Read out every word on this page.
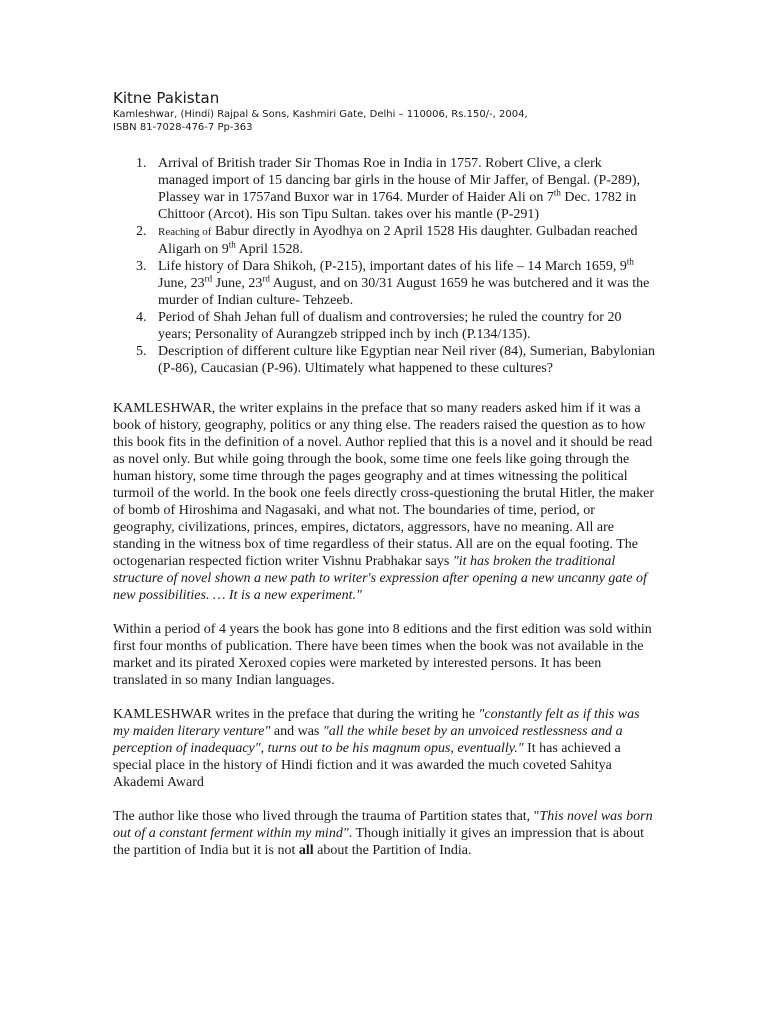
Kitne Pakistan

Kamleshwar, (Hindi) Rajpal & Sons, Kashmiri Gate, Delhi – 110006, Rs.150/-, 2004,

ISBN 81-7028-476-7 Pp-363

1. Arrival of British trader Sir Thomas Roe in India in 1757. Robert Clive, a clerk managed import of 15 dancing bar girls in the house of Mir Jaffer, of Bengal. (P-289), Plassey war in 1757and Buxor war in 1764. Murder of Haider Ali on 7th Dec. 1782 in Chittoor (Arcot). His son Tipu Sultan. takes over his mantle (P-291)
2. Reaching of Babur directly in Ayodhya on 2 April 1528 His daughter. Gulbadan reached Aligarh on 9th April 1528.
3. Life history of Dara Shikoh, (P-215), important dates of his life – 14 March 1659, 9th June, 23rd June, 23rd August, and on 30/31 August 1659 he was butchered and it was the murder of Indian culture- Tehzeeb.
4. Period of Shah Jehan full of dualism and controversies; he ruled the country for 20 years; Personality of Aurangzeb stripped inch by inch (P.134/135).
5. Description of different culture like Egyptian near Neil river (84), Sumerian, Babylonian (P-86), Caucasian (P-96). Ultimately what happened to these cultures?

KAMLESHWAR, the writer explains in the preface that so many readers asked him if it was a book of history, geography, politics or any thing else. The readers raised the question as to how this book fits in the definition of a novel. Author replied that this is a novel and it should be read as novel only. But while going through the book, some time one feels like going through the human history, some time through the pages geography and at times witnessing the political turmoil of the world. In the book one feels directly cross-questioning the brutal Hitler, the maker of bomb of Hiroshima and Nagasaki, and what not. The boundaries of time, period, or geography, civilizations, princes, empires, dictators, aggressors, have no meaning. All are standing in the witness box of time regardless of their status. All are on the equal footing. The octogenarian respected fiction writer Vishnu Prabhakar says "it has broken the traditional structure of novel shown a new path to writer's expression after opening a new uncanny gate of new possibilities. … It is a new experiment."

Within a period of 4 years the book has gone into 8 editions and the first edition was sold within first four months of publication. There have been times when the book was not available in the market and its pirated Xeroxed copies were marketed by interested persons. It has been translated in so many Indian languages.

KAMLESHWAR writes in the preface that during the writing he "constantly felt as if this was my maiden literary venture" and was "all the while beset by an unvoiced restlessness and a perception of inadequacy", turns out to be his magnum opus, eventually." It has achieved a special place in the history of Hindi fiction and it was awarded the much coveted Sahitya Akademi Award

The author like those who lived through the trauma of Partition states that, "This novel was born out of a constant ferment within my mind". Though initially it gives an impression that is about the partition of India but it is not all about the Partition of India.
